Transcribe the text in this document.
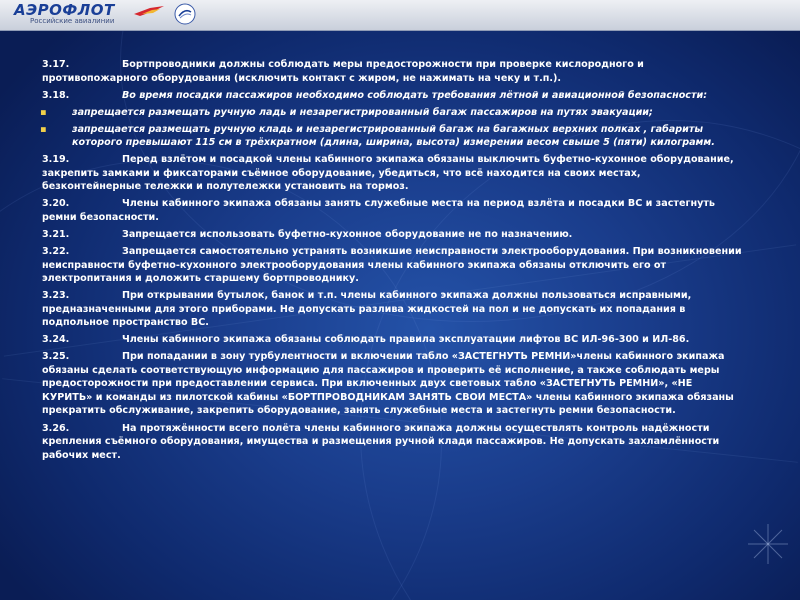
АЭРОФЛОТ
Российские авиалинии
3.17.	Бортпроводники должны соблюдать меры предосторожности при проверке кислородного и противопожарного оборудования (исключить контакт с жиром, не нажимать на чеку и т.п.).
3.18.	Во время посадки пассажиров необходимо соблюдать требования лётной и авиационной безопасности:
▪	запрещается размещать ручную ладь и незарегистрированный багаж пассажиров на путях эвакуации;
▪	запрещается размещать ручную кладь и незарегистрированный багаж на багажных верхних полках , габариты которого превышают 115 см в трёхкратном (длина, ширина, высота) измерении весом свыше 5 (пяти) килограмм.
3.19.	Перед взлётом и посадкой члены кабинного экипажа обязаны выключить буфетно-кухонное оборудование, закрепить замками и фиксаторами съёмное оборудование, убедиться, что всё находится на своих местах, безконтейнерные тележки и полутележки установить на тормоз.
3.20.	Члены кабинного экипажа обязаны занять служебные места на период взлёта и посадки ВС и застегнуть ремни безопасности.
3.21.	Запрещается использовать буфетно-кухонное оборудование не по назначению.
3.22.	Запрещается самостоятельно устранять возникшие неисправности электрооборудования. При возникновении неисправности буфетно-кухонного электрооборудования члены кабинного экипажа обязаны отключить его от электропитания и доложить старшему бортпроводнику.
3.23.	При открывании бутылок, банок и т.п. члены кабинного экипажа должны пользоваться исправными, предназначенными для этого приборами. Не допускать разлива жидкостей на пол и не допускать их попадания в подпольное пространство ВС.
3.24.	Члены кабинного экипажа обязаны соблюдать правила эксплуатации лифтов ВС ИЛ-96-300 и ИЛ-86.
3.25.	При попадании в зону турбулентности и включении табло «ЗАСТЕГНУТЬ РЕМНИ»члены кабинного экипажа обязаны сделать соответствующую информацию для пассажиров и проверить её исполнение, а также соблюдать меры предосторожности при предоставлении сервиса. При включенных двух световых табло «ЗАСТЕГНУТЬ РЕМНИ», «НЕ КУРИТЬ» и команды из пилотской кабины «БОРТПРОВОДНИКАМ ЗАНЯТЬ СВОИ МЕСТА» члены кабинного экипажа обязаны прекратить обслуживание, закрепить оборудование, занять служебные места и застегнуть ремни безопасности.
3.26.	На протяжённости всего полёта члены кабинного экипажа должны осуществлять контроль надёжности крепления съёмного оборудования, имущества и размещения ручной клади пассажиров. Не допускать захламлённости рабочих мест.
